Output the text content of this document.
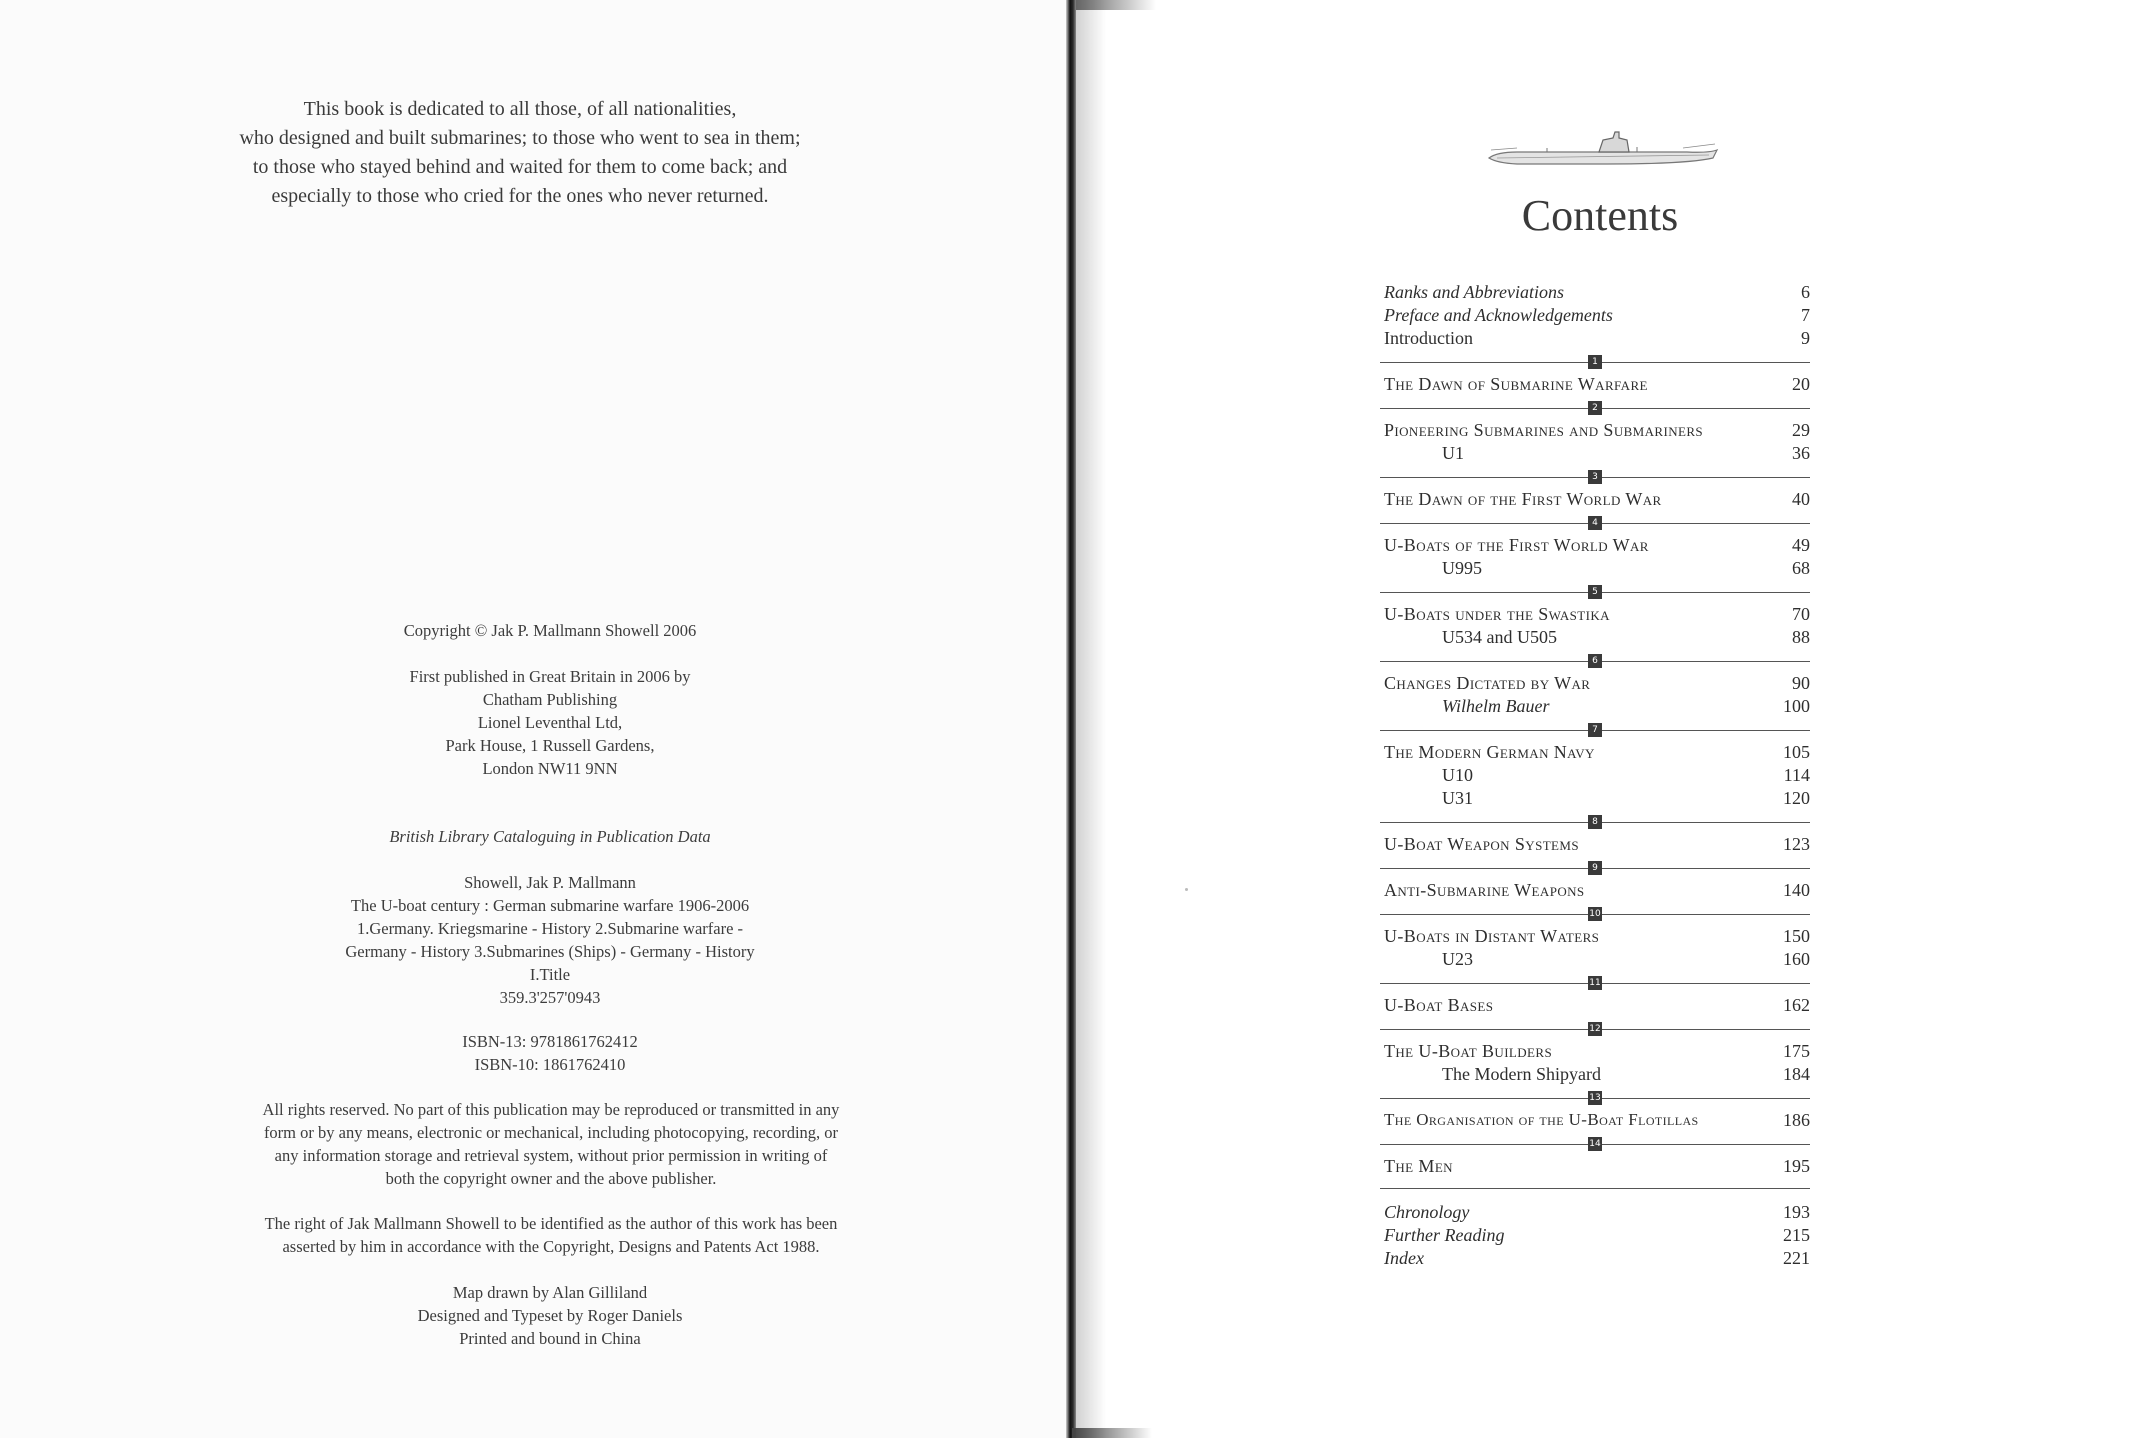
This book is dedicated to all those, of all nationalities,

who designed and built submarines; to those who went to sea in them;

to those who stayed behind and waited for them to come back; and

especially to those who cried for the ones who never returned.

Copyright © Jak P. Mallmann Showell 2006

First published in Great Britain in 2006 by

Chatham Publishing

Lionel Leventhal Ltd,

Park House, 1 Russell Gardens,

London NW11 9NN

British Library Cataloguing in Publication Data

Showell, Jak P. Mallmann

The U-boat century : German submarine warfare 1906-2006

1.Germany. Kriegsmarine - History 2.Submarine warfare -

Germany - History 3.Submarines (Ships) - Germany - History

I.Title

359.3'257'0943

ISBN-13: 9781861762412

ISBN-10: 1861762410

All rights reserved. No part of this publication may be reproduced or transmitted in any

form or by any means, electronic or mechanical, including photocopying, recording, or

any information storage and retrieval system, without prior permission in writing of

both the copyright owner and the above publisher.

The right of Jak Mallmann Showell to be identified as the author of this work has been

asserted by him in accordance with the Copyright, Designs and Patents Act 1988.

Map drawn by Alan Gilliland

Designed and Typeset by Roger Daniels

Printed and bound in China

Contents
Ranks and Abbreviations	6
Preface and Acknowledgements	7
Introduction	9
1
The Dawn of Submarine Warfare	20
2
Pioneering Submarines and Submariners	29
U1	36
3
The Dawn of the First World War	40
4
U-Boats of the First World War	49
U995	68
5
U-Boats under the Swastika	70
U534 and U505	88
6
Changes Dictated by War	90
Wilhelm Bauer	100
7
The Modern German Navy	105
U10	114
U31	120
8
U-Boat Weapon Systems	123
9
Anti-Submarine Weapons	140
10
U-Boats in Distant Waters	150
U23	160
11
U-Boat Bases	162
12
The U-Boat Builders	175
The Modern Shipyard	184
13
The Organisation of the U-Boat Flotillas	186
14
The Men	195
Chronology	193
Further Reading	215
Index	221
